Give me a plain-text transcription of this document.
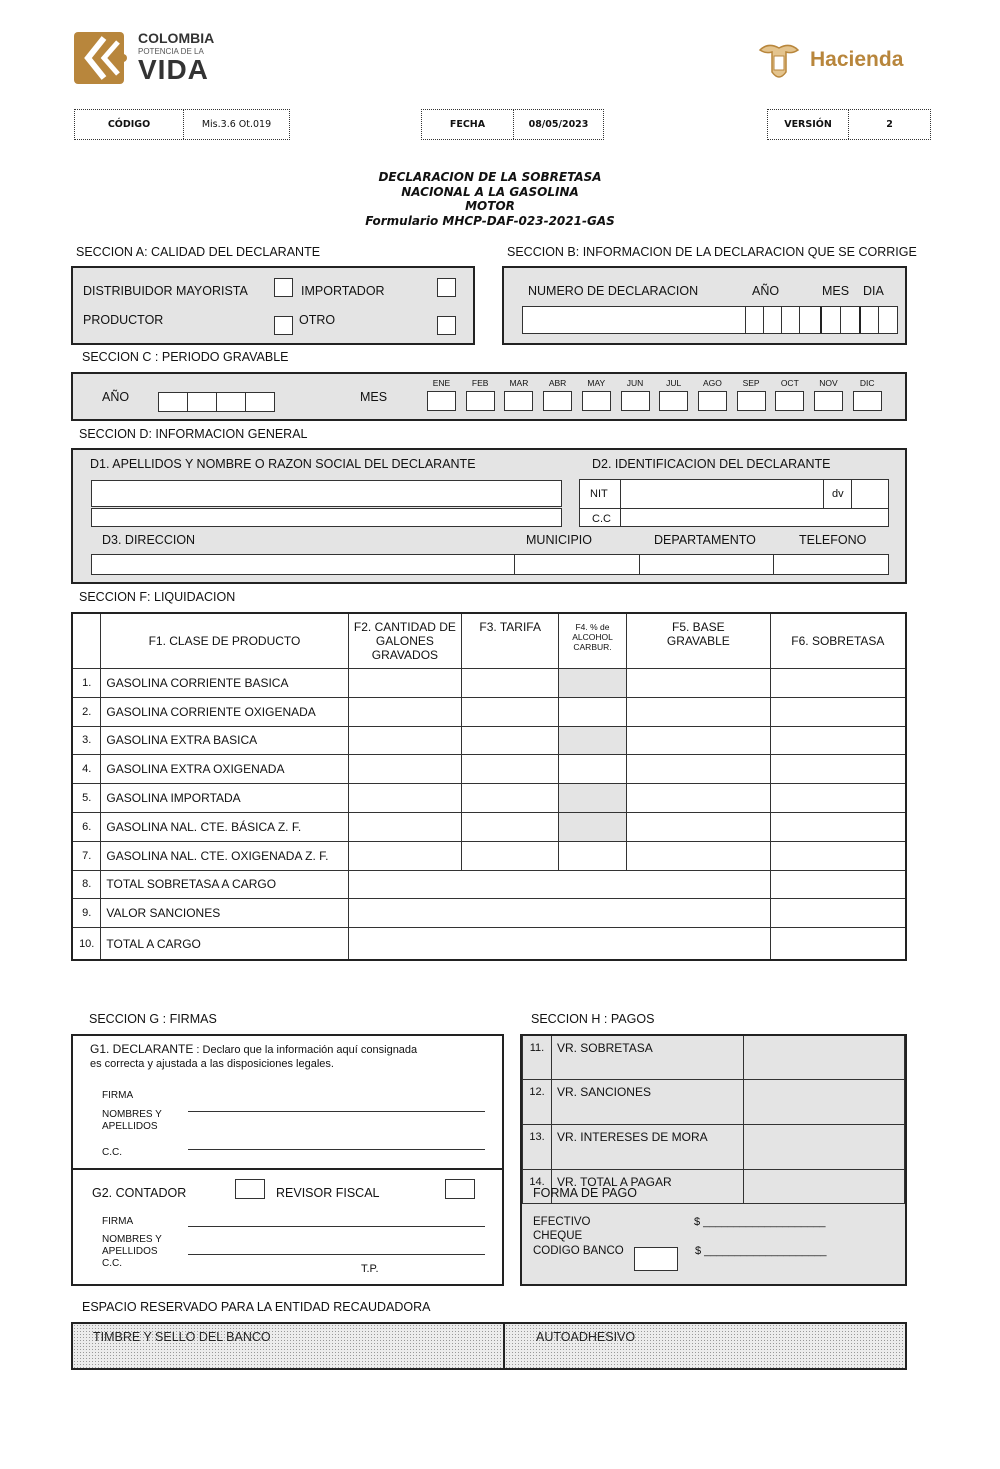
COLOMBIA
POTENCIA DE LA
VIDA	Hacienda
CÓDIGO	Mis.3.6 Ot.019	FECHA	08/05/2023	VERSIÓN	2
DECLARACION DE LA SOBRETASA
NACIONAL A LA GASOLINA
MOTOR
Formulario MHCP-DAF-023-2021-GAS
SECCION A: CALIDAD DEL DECLARANTE
DISTRIBUIDOR MAYORISTA	IMPORTADOR
PRODUCTOR	OTRO
SECCION B: INFORMACION DE LA DECLARACION QUE SE CORRIGE
NUMERO DE DECLARACION	AÑO	MES DIA
SECCION C : PERIODO GRAVABLE
AÑO	MES
ENE	FEB	MAR	ABR	MAY	JUN	JUL	AGO	SEP	OCT	NOV	DIC
SECCION D: INFORMACION GENERAL
D1. APELLIDOS Y NOMBRE O RAZON SOCIAL DEL DECLARANTE	D2. IDENTIFICACION DEL DECLARANTE
NIT	dv
C.C
D3. DIRECCION	MUNICIPIO	DEPARTAMENTO	TELEFONO
SECCION F: LIQUIDACION
	F1. CLASE DE PRODUCTO	F2. CANTIDAD DE GALONES GRAVADOS	F3. TARIFA	F4. % de ALCOHOL CARBUR.	F5. BASE GRAVABLE	F6. SOBRETASA
1.	GASOLINA CORRIENTE BASICA					
2.	GASOLINA CORRIENTE OXIGENADA					
3.	GASOLINA EXTRA BASICA					
4.	GASOLINA EXTRA OXIGENADA					
5.	GASOLINA IMPORTADA					
6.	GASOLINA NAL. CTE. BÁSICA Z. F.					
7.	GASOLINA NAL. CTE. OXIGENADA Z. F.					
8.	TOTAL SOBRETASA A CARGO					
9.	VALOR SANCIONES					
10.	TOTAL A CARGO					
SECCION G : FIRMAS
G1. DECLARANTE : Declaro que la información aquí consignada
es correcta y ajustada a las disposiciones legales.
FIRMA
NOMBRES Y
APELLIDOS
C.C.
G2. CONTADOR	REVISOR FISCAL
FIRMA
NOMBRES Y
APELLIDOS
C.C.	T.P.
SECCION H : PAGOS
11.	VR. SOBRETASA	
12.	VR. SANCIONES	
13.	VR. INTERESES DE MORA	
14.	VR. TOTAL A PAGAR	
FORMA DE PAGO
EFECTIVO	$ ____________________
CHEQUE
CODIGO BANCO	$ ____________________
ESPACIO RESERVADO PARA LA ENTIDAD RECAUDADORA
TIMBRE Y SELLO DEL BANCO	AUTOADHESIVO
